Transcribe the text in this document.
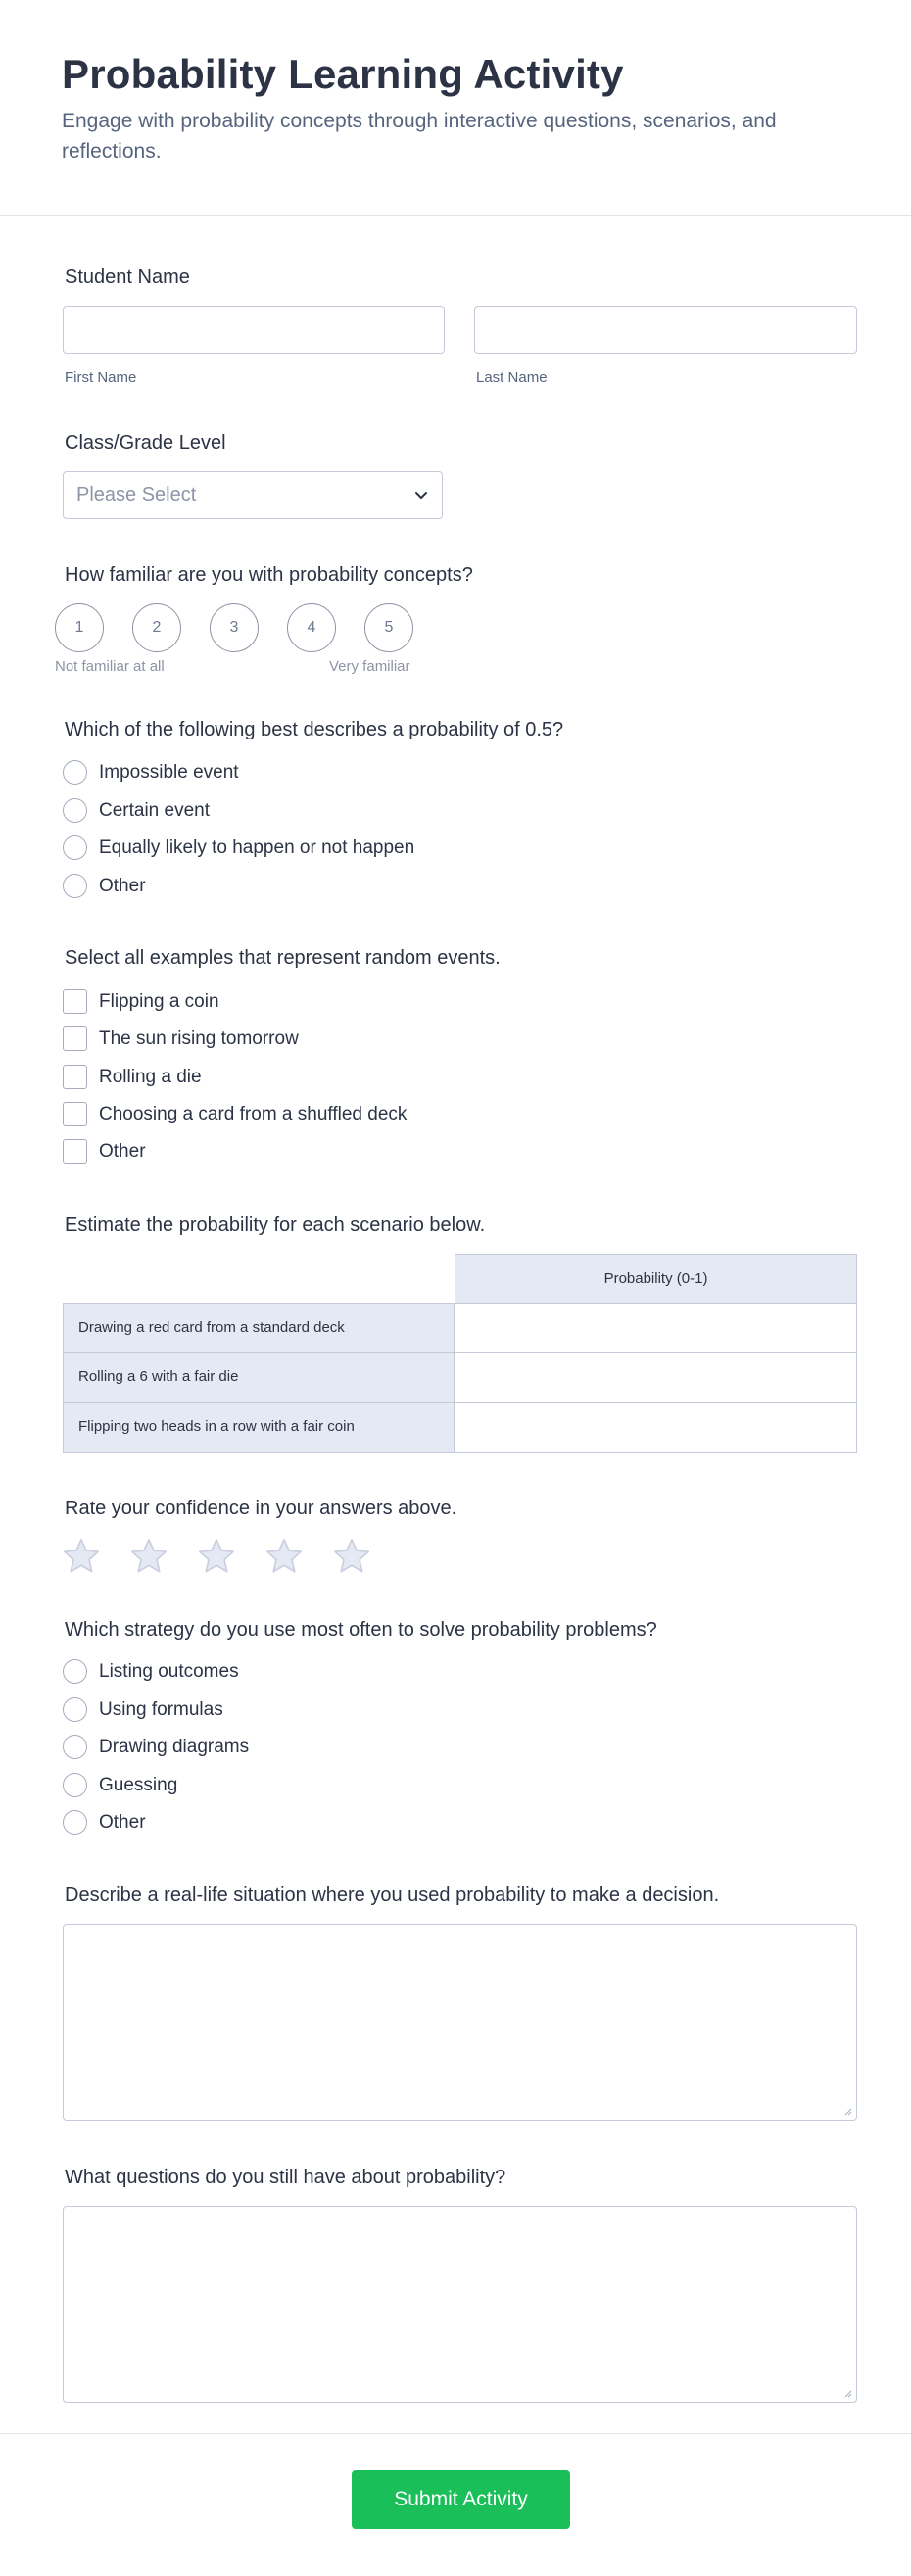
Probability Learning Activity
Engage with probability concepts through interactive questions, scenarios, and reflections.
Student Name
First Name	Last Name
Class/Grade Level
Please Select
How familiar are you with probability concepts?
1	2	3	4	5
Not familiar at all	Very familiar
Which of the following best describes a probability of 0.5?
Impossible event
Certain event
Equally likely to happen or not happen
Other
Select all examples that represent random events.
Flipping a coin
The sun rising tomorrow
Rolling a die
Choosing a card from a shuffled deck
Other
Estimate the probability for each scenario below.
Probability (0-1)
Drawing a red card from a standard deck
Rolling a 6 with a fair die
Flipping two heads in a row with a fair coin
Rate your confidence in your answers above.
Which strategy do you use most often to solve probability problems?
Listing outcomes
Using formulas
Drawing diagrams
Guessing
Other
Describe a real-life situation where you used probability to make a decision.
What questions do you still have about probability?
Submit Activity
